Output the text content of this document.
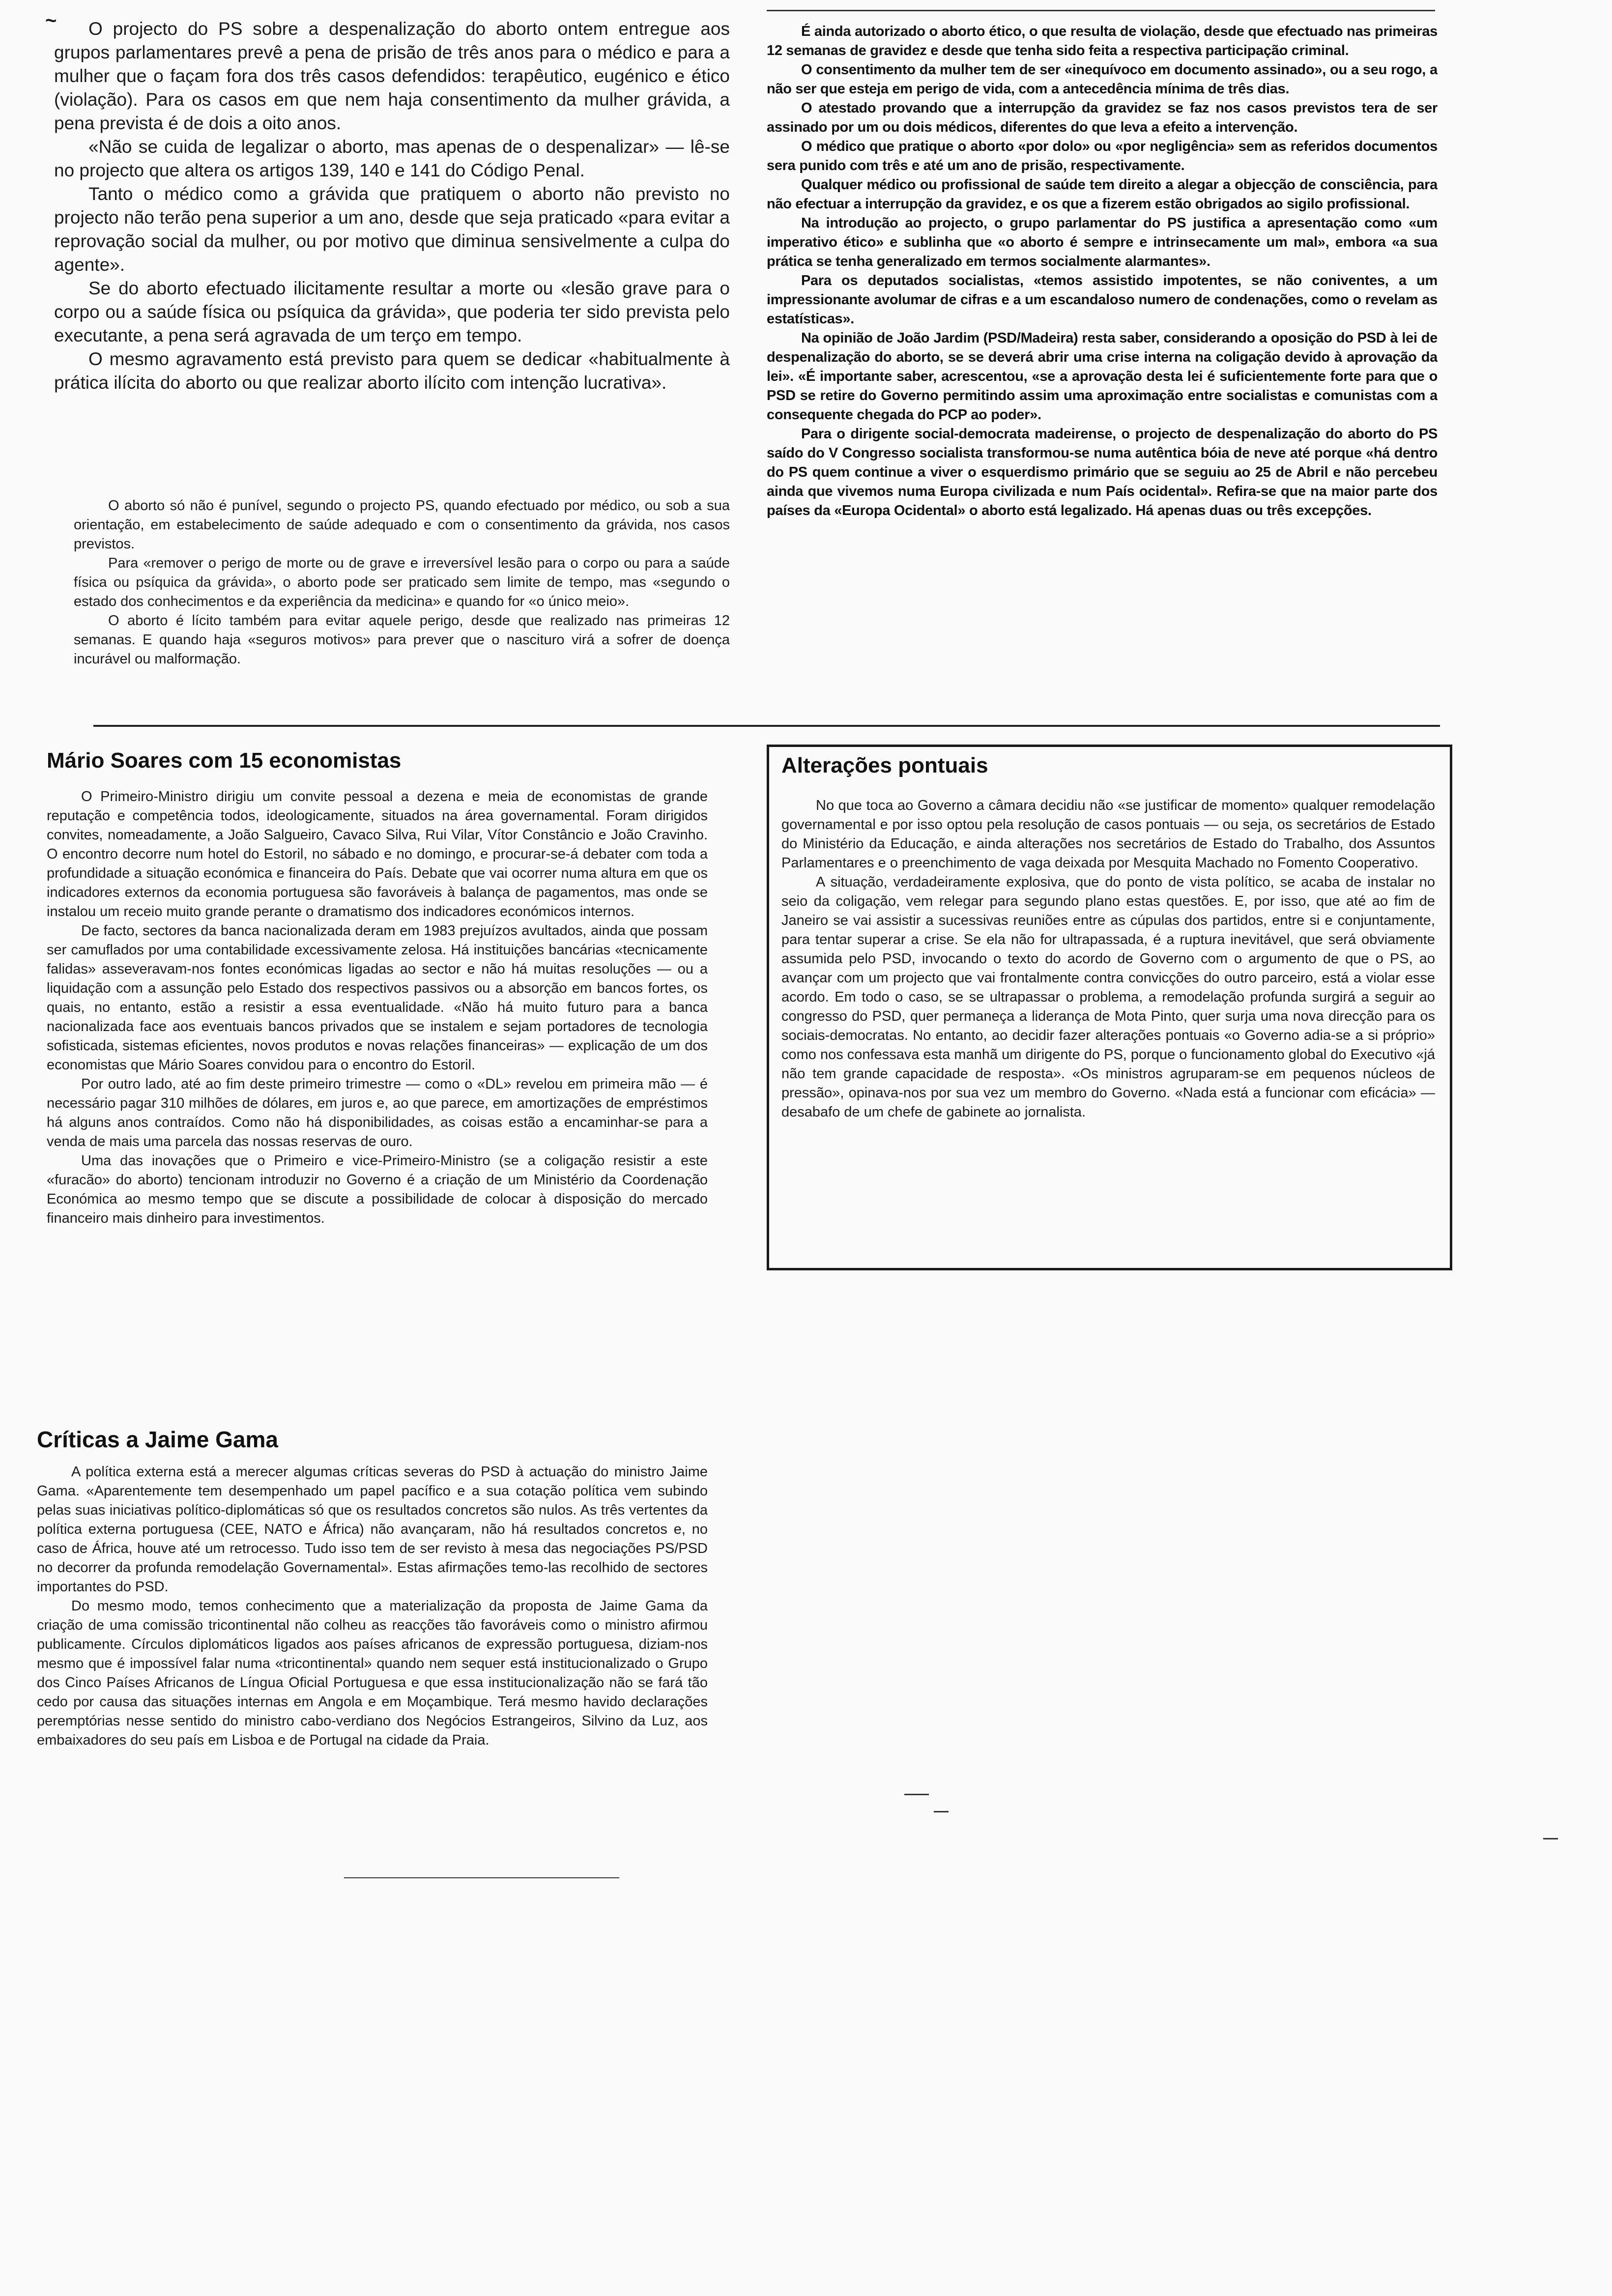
~	O projecto do PS sobre a despenalização do aborto ontem entregue aos grupos parlamentares prevê a pena de prisão de três anos para o médico e para a mulher que o façam fora dos três casos defendidos: terapêutico, eugénico e ético (violação). Para os casos em que nem haja consentimento da mulher grávida, a pena prevista é de dois a oito anos.

«Não se cuida de legalizar o aborto, mas apenas de o despenalizar» — lê-se no projecto que altera os artigos 139, 140 e 141 do Código Penal.

Tanto o médico como a grávida que pratiquem o aborto não previsto no projecto não terão pena superior a um ano, desde que seja praticado «para evitar a reprovação social da mulher, ou por motivo que diminua sensivelmente a culpa do agente».

Se do aborto efectuado ilicitamente resultar a morte ou «lesão grave para o corpo ou a saúde física ou psíquica da grávida», que poderia ter sido prevista pelo executante, a pena será agravada de um terço em tempo.

O mesmo agravamento está previsto para quem se dedicar «habitualmente à prática ilícita do aborto ou que realizar aborto ilícito com intenção lucrativa».

O aborto só não é punível, segundo o projecto PS, quando efectuado por médico, ou sob a sua orientação, em estabelecimento de saúde adequado e com o consentimento da grávida, nos casos previstos.

Para «remover o perigo de morte ou de grave e irreversível lesão para o corpo ou para a saúde física ou psíquica da grávida», o aborto pode ser praticado sem limite de tempo, mas «segundo o estado dos conhecimentos e da experiência da medicina» e quando for «o único meio».

O aborto é lícito também para evitar aquele perigo, desde que realizado nas primeiras 12 semanas. E quando haja «seguros motivos» para prever que o nascituro virá a sofrer de doença incurável ou malformação.

É ainda autorizado o aborto ético, o que resulta de violação, desde que efectuado nas primeiras 12 semanas de gravidez e desde que tenha sido feita a respectiva participação criminal.

O consentimento da mulher tem de ser «inequívoco em documento assinado», ou a seu rogo, a não ser que esteja em perigo de vida, com a antecedência mínima de três dias.

O atestado provando que a interrupção da gravidez se faz nos casos previstos tera de ser assinado por um ou dois médicos, diferentes do que leva a efeito a intervenção.

O médico que pratique o aborto «por dolo» ou «por negligência» sem as referidos documentos sera punido com três e até um ano de prisão, respectivamente.

Qualquer médico ou profissional de saúde tem direito a alegar a objecção de consciência, para não efectuar a interrupção da gravidez, e os que a fizerem estão obrigados ao sigilo profissional.

Na introdução ao projecto, o grupo parlamentar do PS justifica a apresentação como «um imperativo ético» e sublinha que «o aborto é sempre e intrinsecamente um mal», embora «a sua prática se tenha generalizado em termos socialmente alarmantes».

Para os deputados socialistas, «temos assistido impotentes, se não coniventes, a um impressionante avolumar de cifras e a um escandaloso numero de condenações, como o revelam as estatísticas».

Na opinião de João Jardim (PSD/Madeira) resta saber, considerando a oposição do PSD à lei de despenalização do aborto, se se deverá abrir uma crise interna na coligação devido à aprovação da lei». «É importante saber, acrescentou, «se a aprovação desta lei é suficientemente forte para que o PSD se retire do Governo permitindo assim uma aproximação entre socialistas e comunistas com a consequente chegada do PCP ao poder».

Para o dirigente social-democrata madeirense, o projecto de despenalização do aborto do PS saído do V Congresso socialista transformou-se numa autêntica bóia de neve até porque «há dentro do PS quem continue a viver o esquerdismo primário que se seguiu ao 25 de Abril e não percebeu ainda que vivemos numa Europa civilizada e num País ocidental». Refira-se que na maior parte dos países da «Europa Ocidental» o aborto está legalizado. Há apenas duas ou três excepções.

Mário Soares com 15 economistas

O Primeiro-Ministro dirigiu um convite pessoal a dezena e meia de economistas de grande reputação e competência todos, ideologicamente, situados na área governamental. Foram dirigidos convites, nomeadamente, a João Salgueiro, Cavaco Silva, Rui Vilar, Vítor Constâncio e João Cravinho. O encontro decorre num hotel do Estoril, no sábado e no domingo, e procurar-se-á debater com toda a profundidade a situação económica e financeira do País. Debate que vai ocorrer numa altura em que os indicadores externos da economia portuguesa são favoráveis à balança de pagamentos, mas onde se instalou um receio muito grande perante o dramatismo dos indicadores económicos internos.

De facto, sectores da banca nacionalizada deram em 1983 prejuízos avultados, ainda que possam ser camuflados por uma contabilidade excessivamente zelosa. Há instituições bancárias «tecnicamente falidas» asseveravam-nos fontes económicas ligadas ao sector e não há muitas resoluções — ou a liquidação com a assunção pelo Estado dos respectivos passivos ou a absorção em bancos fortes, os quais, no entanto, estão a resistir a essa eventualidade. «Não há muito futuro para a banca nacionalizada face aos eventuais bancos privados que se instalem e sejam portadores de tecnologia sofisticada, sistemas eficientes, novos produtos e novas relações financeiras» — explicação de um dos economistas que Mário Soares convidou para o encontro do Estoril.

Por outro lado, até ao fim deste primeiro trimestre — como o «DL» revelou em primeira mão — é necessário pagar 310 milhões de dólares, em juros e, ao que parece, em amortizações de empréstimos há alguns anos contraídos. Como não há disponibilidades, as coisas estão a encaminhar-se para a venda de mais uma parcela das nossas reservas de ouro.

Uma das inovações que o Primeiro e vice-Primeiro-Ministro (se a coligação resistir a este «furacão» do aborto) tencionam introduzir no Governo é a criação de um Ministério da Coordenação Económica ao mesmo tempo que se discute a possibilidade de colocar à disposição do mercado financeiro mais dinheiro para investimentos.

Críticas a Jaime Gama

A política externa está a merecer algumas críticas severas do PSD à actuação do ministro Jaime Gama. «Aparentemente tem desempenhado um papel pacífico e a sua cotação política vem subindo pelas suas iniciativas político-diplomáticas só que os resultados concretos são nulos. As três vertentes da política externa portuguesa (CEE, NATO e África) não avançaram, não há resultados concretos e, no caso de África, houve até um retrocesso. Tudo isso tem de ser revisto à mesa das negociações PS/PSD no decorrer da profunda remodelação Governamental». Estas afirmações temo-las recolhido de sectores importantes do PSD.

Do mesmo modo, temos conhecimento que a materialização da proposta de Jaime Gama da criação de uma comissão tricontinental não colheu as reacções tão favoráveis como o ministro afirmou publicamente. Círculos diplomáticos ligados aos países africanos de expressão portuguesa, diziam-nos mesmo que é impossível falar numa «tricontinental» quando nem sequer está institucionalizado o Grupo dos Cinco Países Africanos de Língua Oficial Portuguesa e que essa institucionalização não se fará tão cedo por causa das situações internas em Angola e em Moçambique. Terá mesmo havido declarações peremptórias nesse sentido do ministro cabo-verdiano dos Negócios Estrangeiros, Silvino da Luz, aos embaixadores do seu país em Lisboa e de Portugal na cidade da Praia.

Alterações pontuais

No que toca ao Governo a câmara decidiu não «se justificar de momento» qualquer remodelação governamental e por isso optou pela resolução de casos pontuais — ou seja, os secretários de Estado do Ministério da Educação, e ainda alterações nos secretários de Estado do Trabalho, dos Assuntos Parlamentares e o preenchimento de vaga deixada por Mesquita Machado no Fomento Cooperativo.

A situação, verdadeiramente explosiva, que do ponto de vista político, se acaba de instalar no seio da coligação, vem relegar para segundo plano estas questões. E, por isso, que até ao fim de Janeiro se vai assistir a sucessivas reuniões entre as cúpulas dos partidos, entre si e conjuntamente, para tentar superar a crise. Se ela não for ultrapassada, é a ruptura inevitável, que será obviamente assumida pelo PSD, invocando o texto do acordo de Governo com o argumento de que o PS, ao avançar com um projecto que vai frontalmente contra convicções do outro parceiro, está a violar esse acordo. Em todo o caso, se se ultrapassar o problema, a remodelação profunda surgirá a seguir ao congresso do PSD, quer permaneça a liderança de Mota Pinto, quer surja uma nova direcção para os sociais-democratas. No entanto, ao decidir fazer alterações pontuais «o Governo adia-se a si próprio» como nos confessava esta manhã um dirigente do PS, porque o funcionamento global do Executivo «já não tem grande capacidade de resposta». «Os ministros agruparam-se em pequenos núcleos de pressão», opinava-nos por sua vez um membro do Governo. «Nada está a funcionar com eficácia» — desabafo de um chefe de gabinete ao jornalista.
